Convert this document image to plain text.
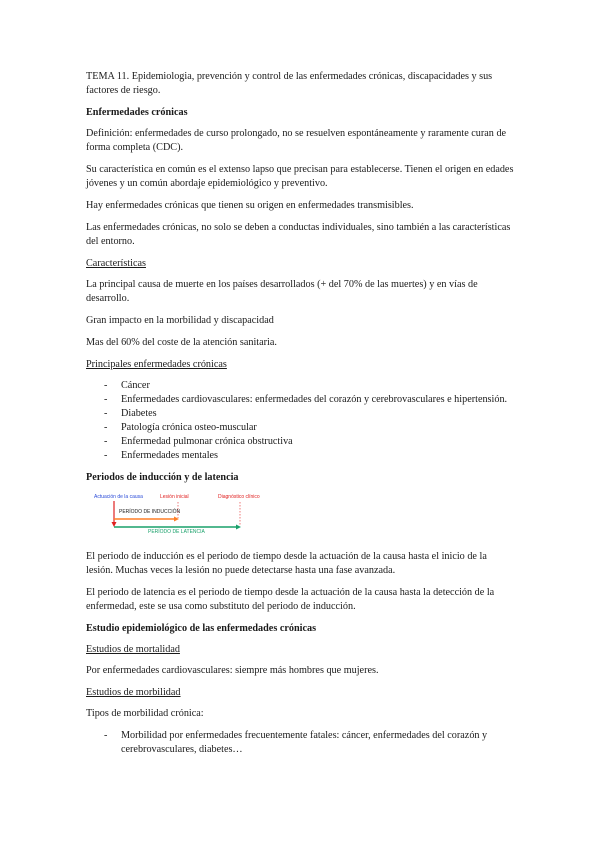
TEMA 11. Epidemiologia, prevención y control de las enfermedades crónicas, discapacidades y sus factores de riesgo.

Enfermedades crónicas

Definición: enfermedades de curso prolongado, no se resuelven espontáneamente y raramente curan de forma completa (CDC).

Su característica en común es el extenso lapso que precisan para establecerse. Tienen el origen en edades jóvenes y un común abordaje epidemiológico y preventivo.

Hay enfermedades crónicas que tienen su origen en enfermedades transmisibles.

Las enfermedades crónicas, no solo se deben a conductas individuales, sino también a las características del entorno.

Características

La principal causa de muerte en los países desarrollados (+ del 70% de las muertes) y en vías de desarrollo.

Gran impacto en la morbilidad y discapacidad

Mas del 60% del coste de la atención sanitaria.

Principales enfermedades crónicas

- Cáncer
- Enfermedades cardiovasculares: enfermedades del corazón y cerebrovasculares e hipertensión.
- Diabetes
- Patología crónica osteo-muscular
- Enfermedad pulmonar crónica obstructiva
- Enfermedades mentales

Periodos de inducción y de latencia

Actuación de la causa	Lesión inicial	Diagnóstico clínico
PERÍODO DE INDUCCIÓN
PERÍODO DE LATENCIA

El periodo de inducción es el periodo de tiempo desde la actuación de la causa hasta el inicio de la lesión. Muchas veces la lesión no puede detectarse hasta una fase avanzada.

El periodo de latencia es el periodo de tiempo desde la actuación de la causa hasta la detección de la enfermedad, este se usa como substituto del periodo de inducción.

Estudio epidemiológico de las enfermedades crónicas

Estudios de mortalidad

Por enfermedades cardiovasculares: siempre más hombres que mujeres.

Estudios de morbilidad

Tipos de morbilidad crónica:

- Morbilidad por enfermedades frecuentemente fatales: cáncer, enfermedades del corazón y cerebrovasculares, diabetes…
